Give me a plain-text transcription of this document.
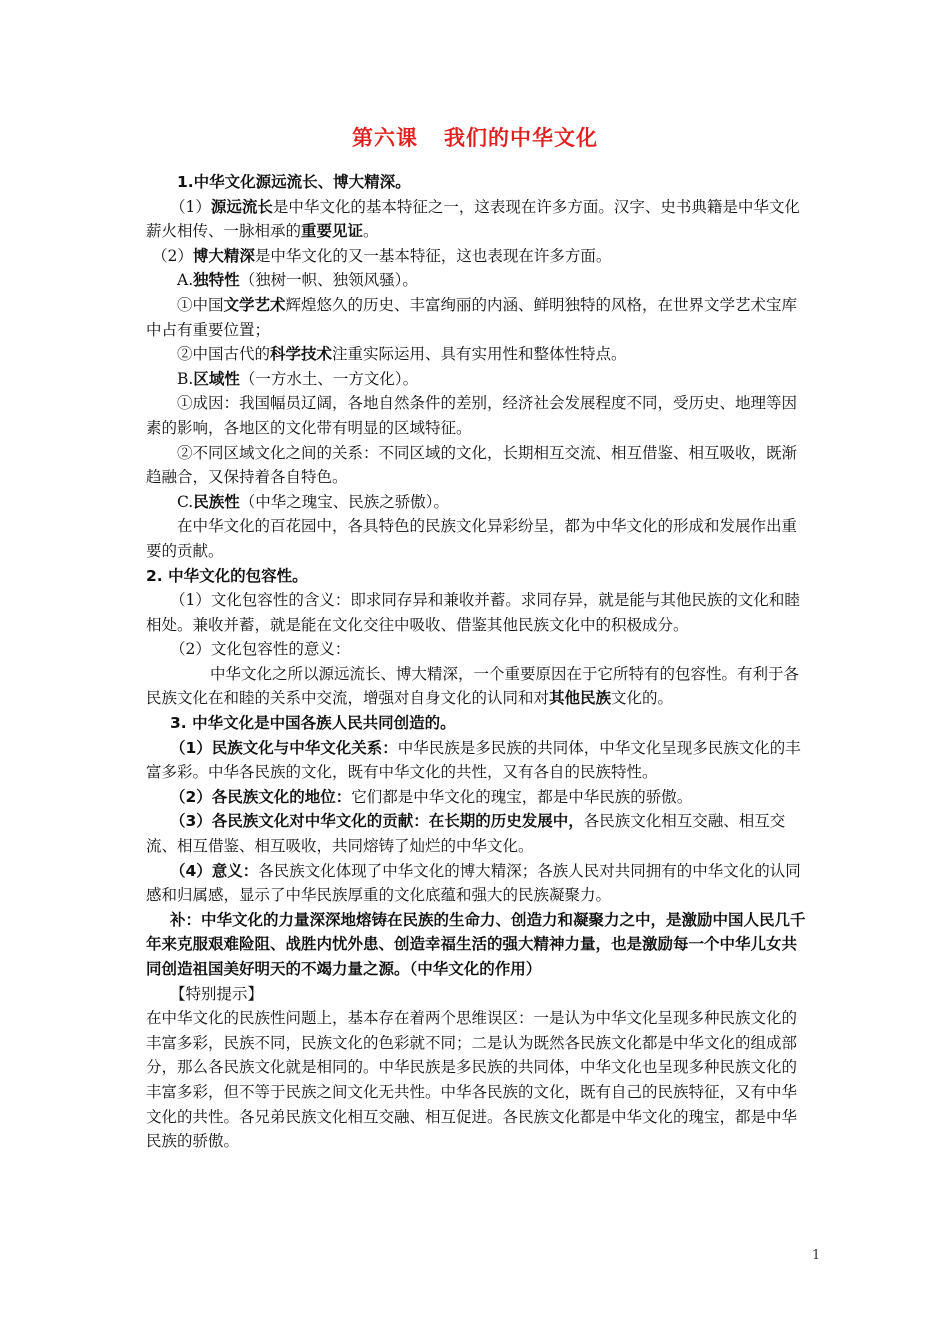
第六课 我们的中华文化

1.中华文化源远流长、博大精深。

（1）源远流长是中华文化的基本特征之一，这表现在许多方面。汉字、史书典籍是中华文化薪火相传、一脉相承的重要见证。

（2）博大精深是中华文化的又一基本特征，这也表现在许多方面。

A.独特性（独树一帜、独领风骚）。

①中国文学艺术辉煌悠久的历史、丰富绚丽的内涵、鲜明独特的风格，在世界文学艺术宝库中占有重要位置；

②中国古代的科学技术注重实际运用、具有实用性和整体性特点。

B.区域性（一方水土、一方文化）。

①成因：我国幅员辽阔，各地自然条件的差别，经济社会发展程度不同，受历史、地理等因素的影响，各地区的文化带有明显的区域特征。

②不同区域文化之间的关系：不同区域的文化，长期相互交流、相互借鉴、相互吸收，既渐趋融合，又保持着各自特色。

C.民族性（中华之瑰宝、民族之骄傲）。

在中华文化的百花园中，各具特色的民族文化异彩纷呈，都为中华文化的形成和发展作出重要的贡献。

2. 中华文化的包容性。

（1）文化包容性的含义：即求同存异和兼收并蓄。求同存异，就是能与其他民族的文化和睦相处。兼收并蓄，就是能在文化交往中吸收、借鉴其他民族文化中的积极成分。

（2）文化包容性的意义：

中华文化之所以源远流长、博大精深，一个重要原因在于它所特有的包容性。有利于各民族文化在和睦的关系中交流，增强对自身文化的认同和对其他民族文化的。

3. 中华文化是中国各族人民共同创造的。

（1）民族文化与中华文化关系：中华民族是多民族的共同体，中华文化呈现多民族文化的丰富多彩。中华各民族的文化，既有中华文化的共性，又有各自的民族特性。

（2）各民族文化的地位：它们都是中华文化的瑰宝，都是中华民族的骄傲。

（3）各民族文化对中华文化的贡献：在长期的历史发展中，各民族文化相互交融、相互交流、相互借鉴、相互吸收，共同熔铸了灿烂的中华文化。

（4）意义：各民族文化体现了中华文化的博大精深；各族人民对共同拥有的中华文化的认同感和归属感，显示了中华民族厚重的文化底蕴和强大的民族凝聚力。

补：中华文化的力量深深地熔铸在民族的生命力、创造力和凝聚力之中，是激励中国人民几千年来克服艰难险阻、战胜内忧外患、创造幸福生活的强大精神力量，也是激励每一个中华儿女共同创造祖国美好明天的不竭力量之源。（中华文化的作用）

【特别提示】

在中华文化的民族性问题上，基本存在着两个思维误区：一是认为中华文化呈现多种民族文化的丰富多彩，民族不同，民族文化的色彩就不同；二是认为既然各民族文化都是中华文化的组成部分，那么各民族文化就是相同的。中华民族是多民族的共同体，中华文化也呈现多种民族文化的丰富多彩，但不等于民族之间文化无共性。中华各民族的文化，既有自己的民族特征，又有中华文化的共性。各兄弟民族文化相互交融、相互促进。各民族文化都是中华文化的瑰宝，都是中华民族的骄傲。

1
